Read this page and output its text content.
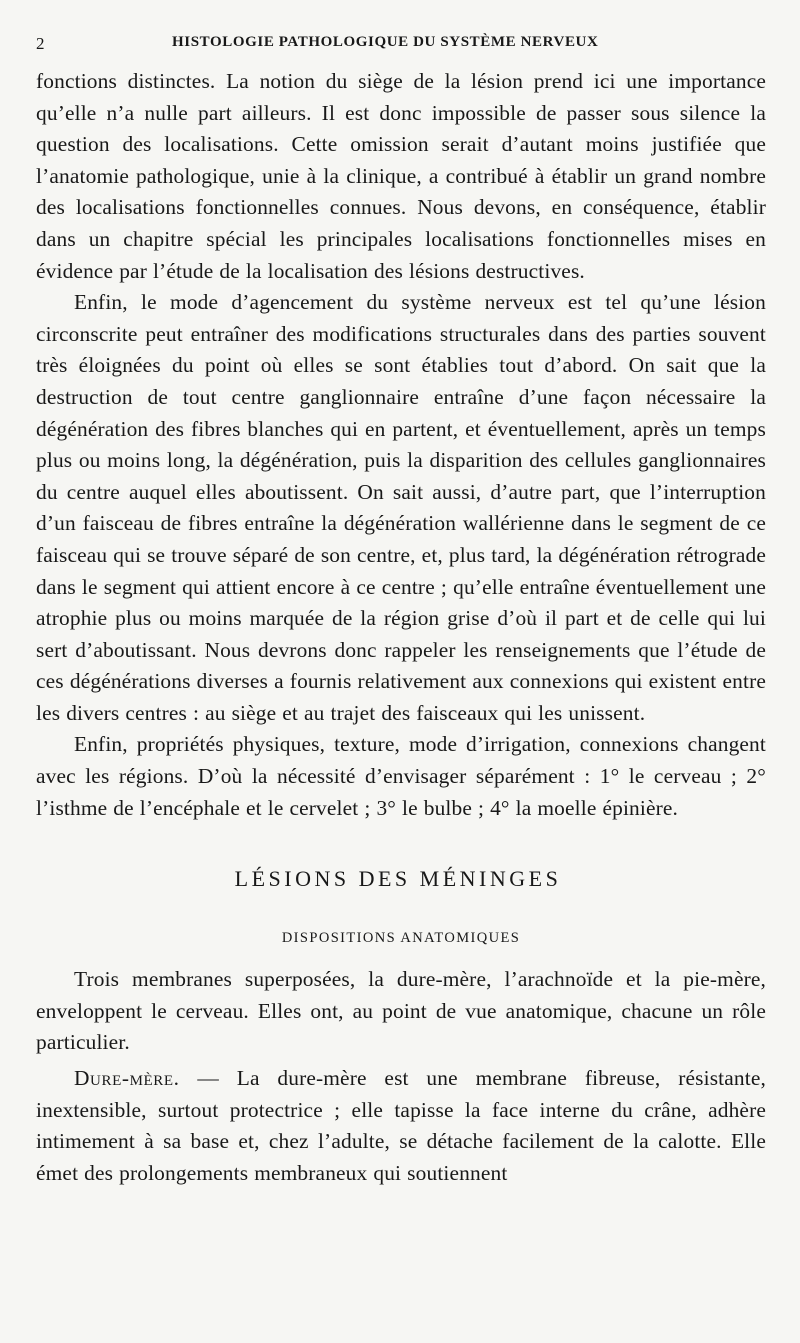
2	HISTOLOGIE PATHOLOGIQUE DU SYSTÈME NERVEUX

fonctions distinctes. La notion du siège de la lésion prend ici une importance qu’elle n’a nulle part ailleurs. Il est donc impossible de passer sous silence la question des localisations. Cette omission serait d’autant moins justifiée que l’anatomie pathologique, unie à la clinique, a contribué à établir un grand nombre des localisations fonctionnelles connues. Nous devons, en conséquence, établir dans un chapitre spécial les principales localisations fonctionnelles mises en évidence par l’étude de la localisation des lésions destructives.

Enfin, le mode d’agencement du système nerveux est tel qu’une lésion circonscrite peut entraîner des modifications structurales dans des parties souvent très éloignées du point où elles se sont établies tout d’abord. On sait que la destruction de tout centre ganglionnaire entraîne d’une façon nécessaire la dégénération des fibres blanches qui en partent, et éventuellement, après un temps plus ou moins long, la dégénération, puis la disparition des cellules ganglionnaires du centre auquel elles aboutissent. On sait aussi, d’autre part, que l’interruption d’un faisceau de fibres entraîne la dégénération wallérienne dans le segment de ce faisceau qui se trouve séparé de son centre, et, plus tard, la dégénération rétrograde dans le segment qui attient encore à ce centre ; qu’elle entraîne éventuellement une atrophie plus ou moins marquée de la région grise d’où il part et de celle qui lui sert d’aboutissant. Nous devrons donc rappeler les renseignements que l’étude de ces dégénérations diverses a fournis relativement aux connexions qui existent entre les divers centres : au siège et au trajet des faisceaux qui les unissent.

Enfin, propriétés physiques, texture, mode d’irrigation, connexions changent avec les régions. D’où la nécessité d’envisager séparément : 1° le cerveau ; 2° l’isthme de l’encéphale et le cervelet ; 3° le bulbe ; 4° la moelle épinière.

LÉSIONS DES MÉNINGES
DISPOSITIONS ANATOMIQUES

Trois membranes superposées, la dure-mère, l’arachnoïde et la pie-mère, enveloppent le cerveau. Elles ont, au point de vue anatomique, chacune un rôle particulier.

Dure-mère. — La dure-mère est une membrane fibreuse, résistante, inextensible, surtout protectrice ; elle tapisse la face interne du crâne, adhère intimement à sa base et, chez l’adulte, se détache facilement de la calotte. Elle émet des prolongements membraneux qui soutiennent
